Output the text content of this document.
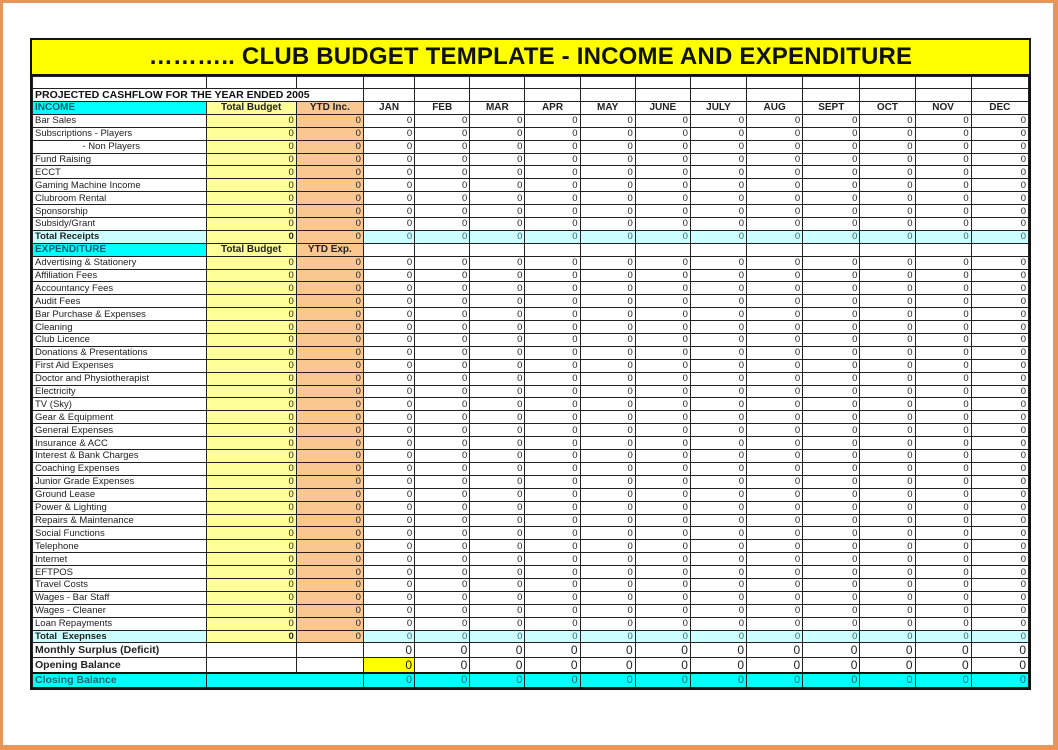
……….. CLUB BUDGET TEMPLATE - INCOME AND EXPENDITURE

PROJECTED CASHFLOW FOR THE YEAR ENDED 2005														
INCOME	Total Budget	YTD Inc.	JAN	FEB	MAR	APR	MAY	JUNE	JULY	AUG	SEPT	OCT	NOV	DEC
Bar Sales	0	0	0	0	0	0	0	0	0	0	0	0	0	0
Subscriptions - Players	0	0	0	0	0	0	0	0	0	0	0	0	0	0
- Non Players	0	0	0	0	0	0	0	0	0	0	0	0	0	0
Fund Raising	0	0	0	0	0	0	0	0	0	0	0	0	0	0
ECCT	0	0	0	0	0	0	0	0	0	0	0	0	0	0
Gaming Machine Income	0	0	0	0	0	0	0	0	0	0	0	0	0	0
Clubroom Rental	0	0	0	0	0	0	0	0	0	0	0	0	0	0
Sponsorship	0	0	0	0	0	0	0	0	0	0	0	0	0	0
Subsidy/Grant	0	0	0	0	0	0	0	0	0	0	0	0	0	0
Total Receipts	0	0	0	0	0	0	0	0	0	0	0	0	0	0
EXPENDITURE	Total Budget	YTD Exp.												
Advertising & Stationery	0	0	0	0	0	0	0	0	0	0	0	0	0	0
Affiliation Fees	0	0	0	0	0	0	0	0	0	0	0	0	0	0
Accountancy Fees	0	0	0	0	0	0	0	0	0	0	0	0	0	0
Audit Fees	0	0	0	0	0	0	0	0	0	0	0	0	0	0
Bar Purchase & Expenses	0	0	0	0	0	0	0	0	0	0	0	0	0	0
Cleaning	0	0	0	0	0	0	0	0	0	0	0	0	0	0
Club Licence	0	0	0	0	0	0	0	0	0	0	0	0	0	0
Donations & Presentations	0	0	0	0	0	0	0	0	0	0	0	0	0	0
First Aid Expenses	0	0	0	0	0	0	0	0	0	0	0	0	0	0
Doctor and Physiotherapist	0	0	0	0	0	0	0	0	0	0	0	0	0	0
Electricity	0	0	0	0	0	0	0	0	0	0	0	0	0	0
TV (Sky)	0	0	0	0	0	0	0	0	0	0	0	0	0	0
Gear & Equipment	0	0	0	0	0	0	0	0	0	0	0	0	0	0
General Expenses	0	0	0	0	0	0	0	0	0	0	0	0	0	0
Insurance & ACC	0	0	0	0	0	0	0	0	0	0	0	0	0	0
Interest & Bank Charges	0	0	0	0	0	0	0	0	0	0	0	0	0	0
Coaching Expenses	0	0	0	0	0	0	0	0	0	0	0	0	0	0
Junior Grade Expenses	0	0	0	0	0	0	0	0	0	0	0	0	0	0
Ground Lease	0	0	0	0	0	0	0	0	0	0	0	0	0	0
Power & Lighting	0	0	0	0	0	0	0	0	0	0	0	0	0	0
Repairs & Maintenance	0	0	0	0	0	0	0	0	0	0	0	0	0	0
Social Functions	0	0	0	0	0	0	0	0	0	0	0	0	0	0
Telephone	0	0	0	0	0	0	0	0	0	0	0	0	0	0
Internet	0	0	0	0	0	0	0	0	0	0	0	0	0	0
EFTPOS	0	0	0	0	0	0	0	0	0	0	0	0	0	0
Travel Costs	0	0	0	0	0	0	0	0	0	0	0	0	0	0
Wages - Bar Staff	0	0	0	0	0	0	0	0	0	0	0	0	0	0
Wages - Cleaner	0	0	0	0	0	0	0	0	0	0	0	0	0	0
Loan Repayments	0	0	0	0	0	0	0	0	0	0	0	0	0	0
Total  Exepnses	0	0	0	0	0	0	0	0	0	0	0	0	0	0
Monthly Surplus (Deficit)			0	0	0	0	0	0	0	0	0	0	0	0
Opening Balance			0	0	0	0	0	0	0	0	0	0	0	0
Closing Balance			0	0	0	0	0	0	0	0	0	0	0	0
